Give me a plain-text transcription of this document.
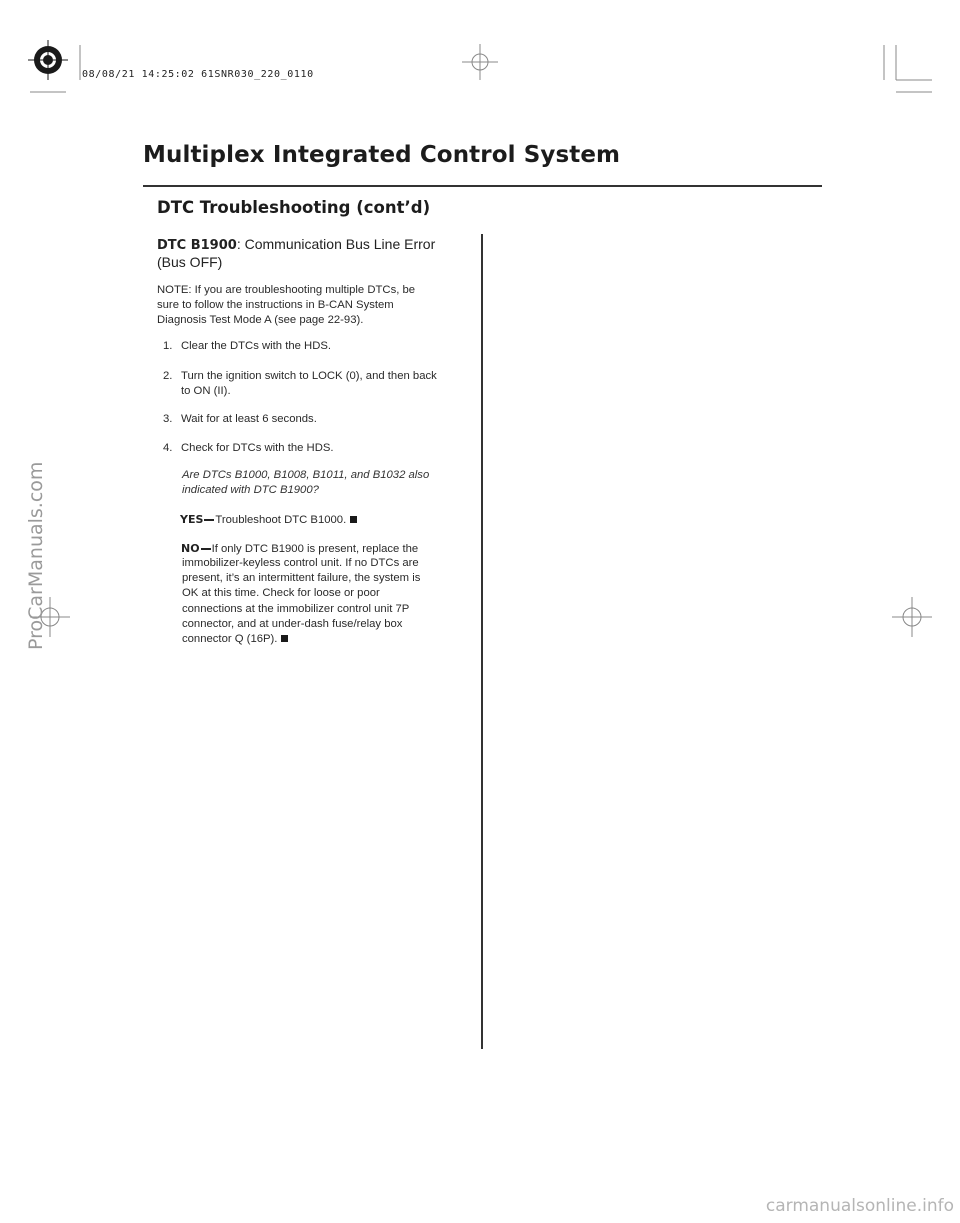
08/08/21 14:25:02 61SNR030_220_0110
Multiplex Integrated Control System
DTC Troubleshooting (cont’d)
DTC B1900: Communication Bus Line Error
(Bus OFF)
NOTE: If you are troubleshooting multiple DTCs, be
sure to follow the instructions in B-CAN System
Diagnosis Test Mode A (see page 22-93).
1. Clear the DTCs with the HDS.
2. Turn the ignition switch to LOCK (0), and then back
to ON (II).
3. Wait for at least 6 seconds.
4. Check for DTCs with the HDS.
Are DTCs B1000, B1008, B1011, and B1032 also
indicated with DTC B1900?
YES Troubleshoot DTC B1000.
NO If only DTC B1900 is present, replace the
immobilizer-keyless control unit. If no DTCs are
present, it’s an intermittent failure, the system is
OK at this time. Check for loose or poor
connections at the immobilizer control unit 7P
connector, and at under-dash fuse/relay box
connector Q (16P).
ProCarManuals.com
carmanualsonline.info
